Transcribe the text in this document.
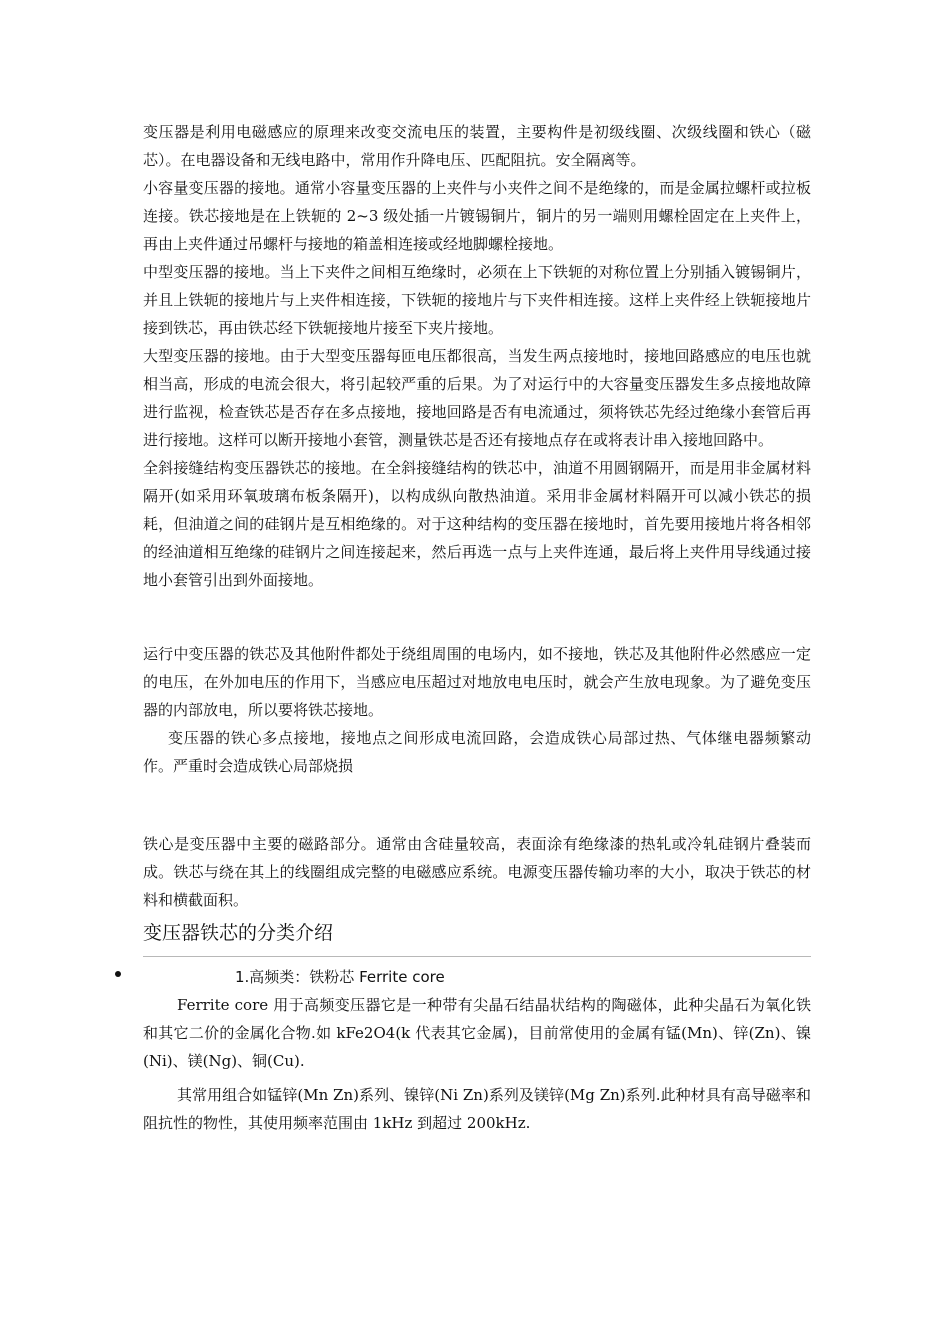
变压器是利用电磁感应的原理来改变交流电压的装置，主要构件是初级线圈、次级线圈和铁心（磁芯）。在电器设备和无线电路中，常用作升降电压、匹配阻抗。安全隔离等。

小容量变压器的接地。通常小容量变压器的上夹件与小夹件之间不是绝缘的，而是金属拉螺杆或拉板连接。铁芯接地是在上铁轭的 2~3 级处插一片镀锡铜片，铜片的另一端则用螺栓固定在上夹件上，再由上夹件通过吊螺杆与接地的箱盖相连接或经地脚螺栓接地。

中型变压器的接地。当上下夹件之间相互绝缘时，必须在上下铁轭的对称位置上分别插入镀锡铜片，并且上铁轭的接地片与上夹件相连接，下铁轭的接地片与下夹件相连接。这样上夹件经上铁轭接地片接到铁芯，再由铁芯经下铁轭接地片接至下夹片接地。

大型变压器的接地。由于大型变压器每匝电压都很高，当发生两点接地时，接地回路感应的电压也就相当高，形成的电流会很大，将引起较严重的后果。为了对运行中的大容量变压器发生多点接地故障进行监视，检查铁芯是否存在多点接地，接地回路是否有电流通过，须将铁芯先经过绝缘小套管后再进行接地。这样可以断开接地小套管，测量铁芯是否还有接地点存在或将表计串入接地回路中。

全斜接缝结构变压器铁芯的接地。在全斜接缝结构的铁芯中，油道不用圆钢隔开，而是用非金属材料隔开(如采用环氧玻璃布板条隔开)，以构成纵向散热油道。采用非金属材料隔开可以减小铁芯的损耗，但油道之间的硅钢片是互相绝缘的。对于这种结构的变压器在接地时，首先要用接地片将各相邻的经油道相互绝缘的硅钢片之间连接起来，然后再选一点与上夹件连通，最后将上夹件用导线通过接地小套管引出到外面接地。

运行中变压器的铁芯及其他附件都处于绕组周围的电场内，如不接地，铁芯及其他附件必然感应一定的电压，在外加电压的作用下，当感应电压超过对地放电电压时，就会产生放电现象。为了避免变压器的内部放电，所以要将铁芯接地。

变压器的铁心多点接地，接地点之间形成电流回路，会造成铁心局部过热、气体继电器频繁动作。严重时会造成铁心局部烧损

铁心是变压器中主要的磁路部分。通常由含硅量较高，表面涂有绝缘漆的热轧或冷轧硅钢片叠装而成。铁芯与绕在其上的线圈组成完整的电磁感应系统。电源变压器传输功率的大小，取决于铁芯的材料和横截面积。

变压器铁芯的分类介绍

1.高频类：铁粉芯 Ferrite core

Ferrite core 用于高频变压器它是一种带有尖晶石结晶状结构的陶磁体，此种尖晶石为氧化铁和其它二价的金属化合物.如 kFe2O4(k 代表其它金属)，目前常使用的金属有锰(Mn)、锌(Zn)、镍(Ni)、镁(Ng)、铜(Cu).

其常用组合如锰锌(Mn Zn)系列、镍锌(Ni Zn)系列及镁锌(Mg Zn)系列.此种材具有高导磁率和阻抗性的物性，其使用频率范围由 1kHz 到超过 200kHz.
